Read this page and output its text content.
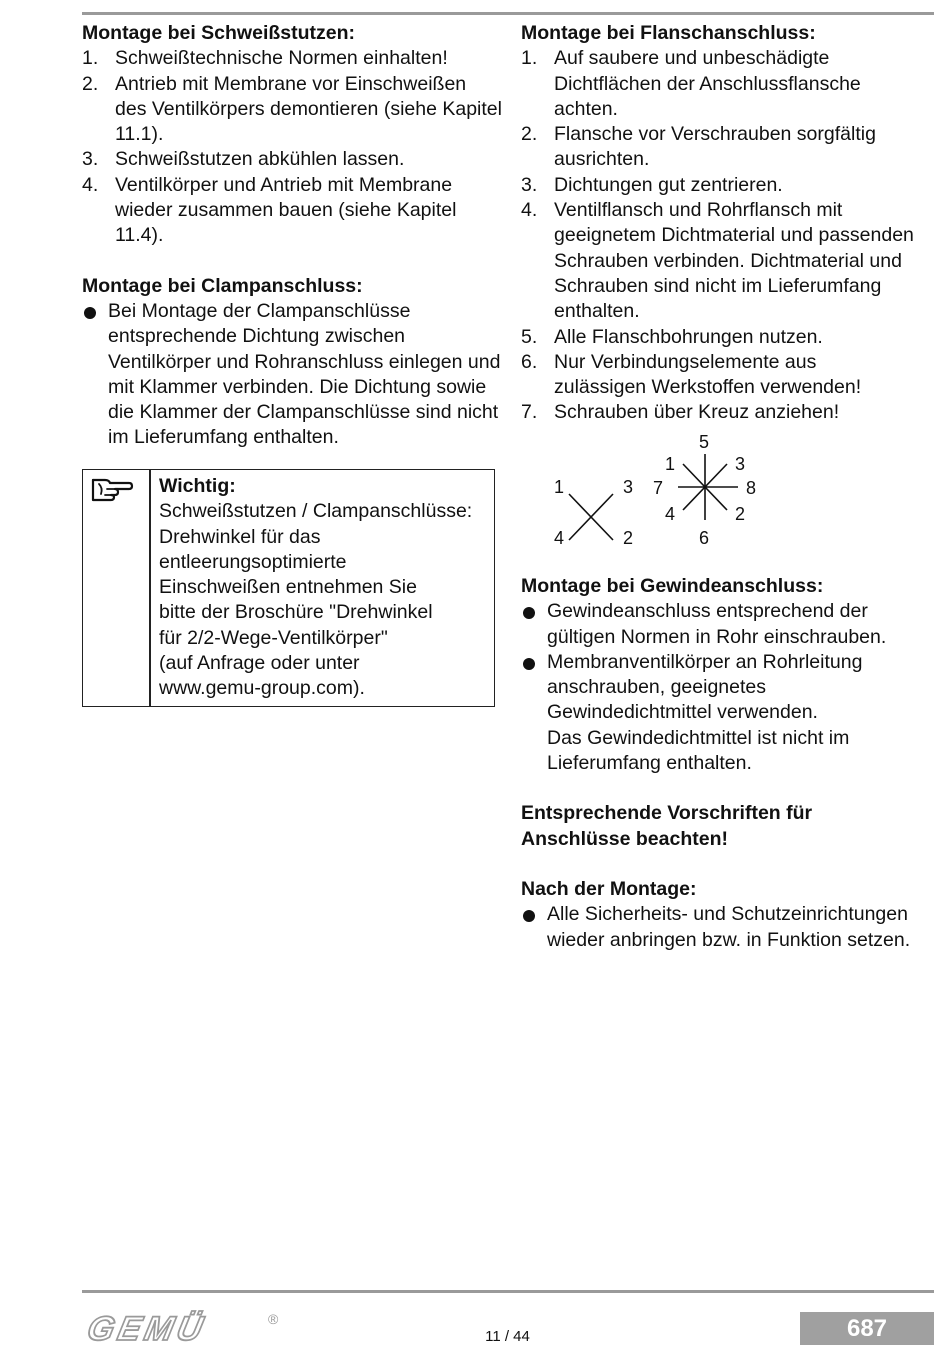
Montage bei Schweißstutzen:

1. Schweißtechnische Normen einhalten!
2. Antrieb mit Membrane vor Einschweißen des Ventilkörpers demontieren (siehe Kapitel 11.1).
3. Schweißstutzen abkühlen lassen.
4. Ventilkörper und Antrieb mit Membrane wieder zusammen bauen (siehe Kapitel 11.4).

Montage bei Clampanschluss:

Bei Montage der Clampanschlüsse entsprechende Dichtung zwischen Ventilkörper und Rohranschluss einlegen und mit Klammer verbinden. Die Dichtung sowie die Klammer der Clampanschlüsse sind nicht im Lieferumfang enthalten.
Wichtig:
Schweißstutzen / Clampanschlüsse:
Drehwinkel für das
entleerungsoptimierte
Einschweißen entnehmen Sie
bitte der Broschüre "Drehwinkel
für 2/2-Wege-Ventilkörper"
(auf Anfrage oder unter
www.gemu-group.com).

Montage bei Flanschanschluss:

1. Auf saubere und unbeschädigte Dichtflächen der Anschlussflansche achten.
2. Flansche vor Verschrauben sorgfältig ausrichten.
3. Dichtungen gut zentrieren.
4. Ventilflansch und Rohrflansch mit geeignetem Dichtmaterial und passenden Schrauben verbinden. Dichtmaterial und Schrauben sind nicht im Lieferumfang enthalten.
5. Alle Flanschbohrungen nutzen.
6. Nur Verbindungselemente aus zulässigen Werkstoffen verwenden!
7. Schrauben über Kreuz anziehen!
1	3
4	2
5
1	3
7	8
4	2
6

Montage bei Gewindeanschluss:

Gewindeanschluss entsprechend der gültigen Normen in Rohr einschrauben.
Membranventilkörper an Rohrleitung anschrauben, geeignetes Gewindedichtmittel verwenden.
Das Gewindedichtmittel ist nicht im Lieferumfang enthalten.
Entsprechende Vorschriften für
Anschlüsse beachten!

Nach der Montage:

Alle Sicherheits- und Schutzeinrichtungen wieder anbringen bzw. in Funktion setzen.
GEMÜ	®
11 / 44	687
